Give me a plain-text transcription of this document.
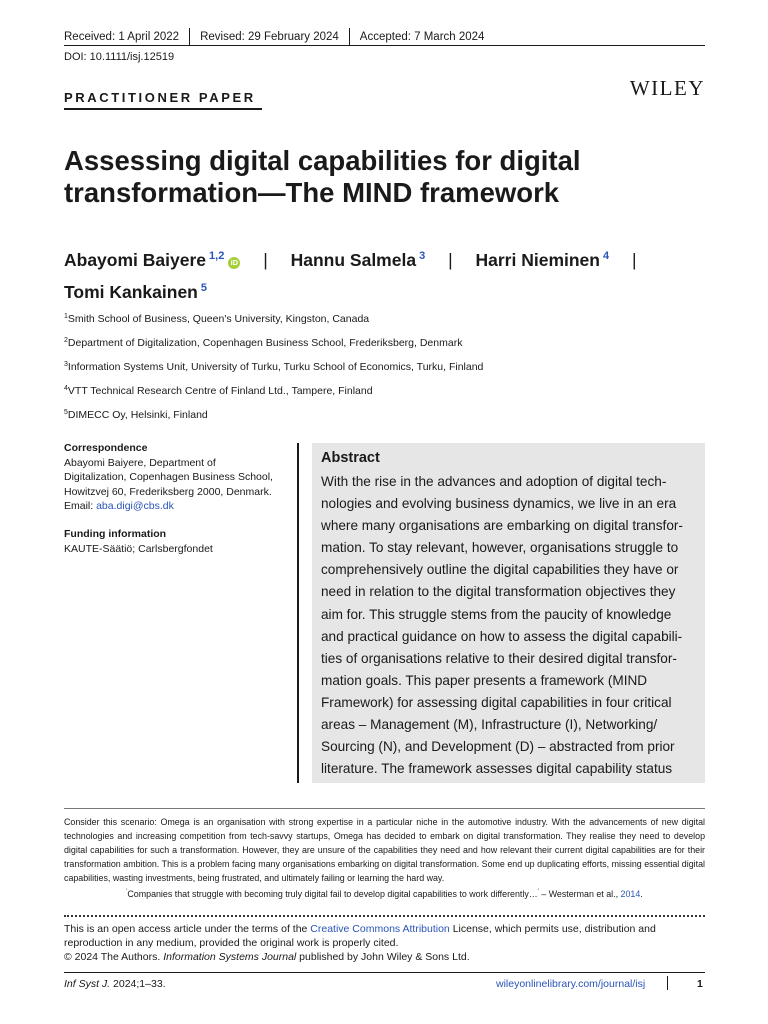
Received: 1 April 2022	Revised: 29 February 2024	Accepted: 7 March 2024
DOI: 10.1111/isj.12519
WILEY
PRACTITIONER PAPER
Assessing digital capabilities for digital transformation—The MIND framework
Abayomi Baiyere $^{1,2}$iD | Hannu Salmela $^3$ | Harri Nieminen $^4$ |
Tomi Kankainen $^5$
$^1$Smith School of Business, Queen's University, Kingston, Canada
$^2$Department of Digitalization, Copenhagen Business School, Frederiksberg, Denmark
$^3$Information Systems Unit, University of Turku, Turku School of Economics, Turku, Finland
$^4$VTT Technical Research Centre of Finland Ltd., Tampere, Finland
$^5$DIMECC Oy, Helsinki, Finland
Correspondence
Abayomi Baiyere, Department of
Digitalization, Copenhagen Business School,
Howitzvej 60, Frederiksberg 2000, Denmark.
Email: aba.digi@cbs.dk
Funding information
KAUTE-Säätiö; Carlsbergfondet
Abstract
With the rise in the advances and adoption of digital tech-
nologies and evolving business dynamics, we live in an era
where many organisations are embarking on digital transfor-
mation. To stay relevant, however, organisations struggle to
comprehensively outline the digital capabilities they have or
need in relation to the digital transformation objectives they
aim for. This struggle stems from the paucity of knowledge
and practical guidance on how to assess the digital capabili-
ties of organisations relative to their desired digital transfor-
mation goals. This paper presents a framework (MIND
Framework) for assessing digital capabilities in four critical
areas – Management (M), Infrastructure (I), Networking/
Sourcing (N), and Development (D) – abstracted from prior
literature. The framework assesses digital capability status
Consider this scenario: Omega is an organisation with strong expertise in a particular niche in the automotive industry. With the advancements of new digital technologies and increasing competition from tech-savvy startups, Omega has decided to embark on digital transformation. They realise they need to develop digital capabilities for such a transformation. However, they are unsure of the capabilities they need and how relevant their current digital capabilities are for their transformation ambition. This is a problem facing many organisations embarking on digital transformation. Some end up duplicating efforts, missing essential digital capabilities, wasting investments, being frustrated, and ultimately failing or learning the hard way.
'Companies that struggle with becoming truly digital fail to develop digital capabilities to work differently…' – Westerman et al., 2014.
This is an open access article under the terms of the Creative Commons Attribution License, which permits use, distribution and reproduction in any medium, provided the original work is properly cited.
© 2024 The Authors. Information Systems Journal published by John Wiley & Sons Ltd.
Inf Syst J. 2024;1–33.	wileyonlinelibrary.com/journal/isj	1
